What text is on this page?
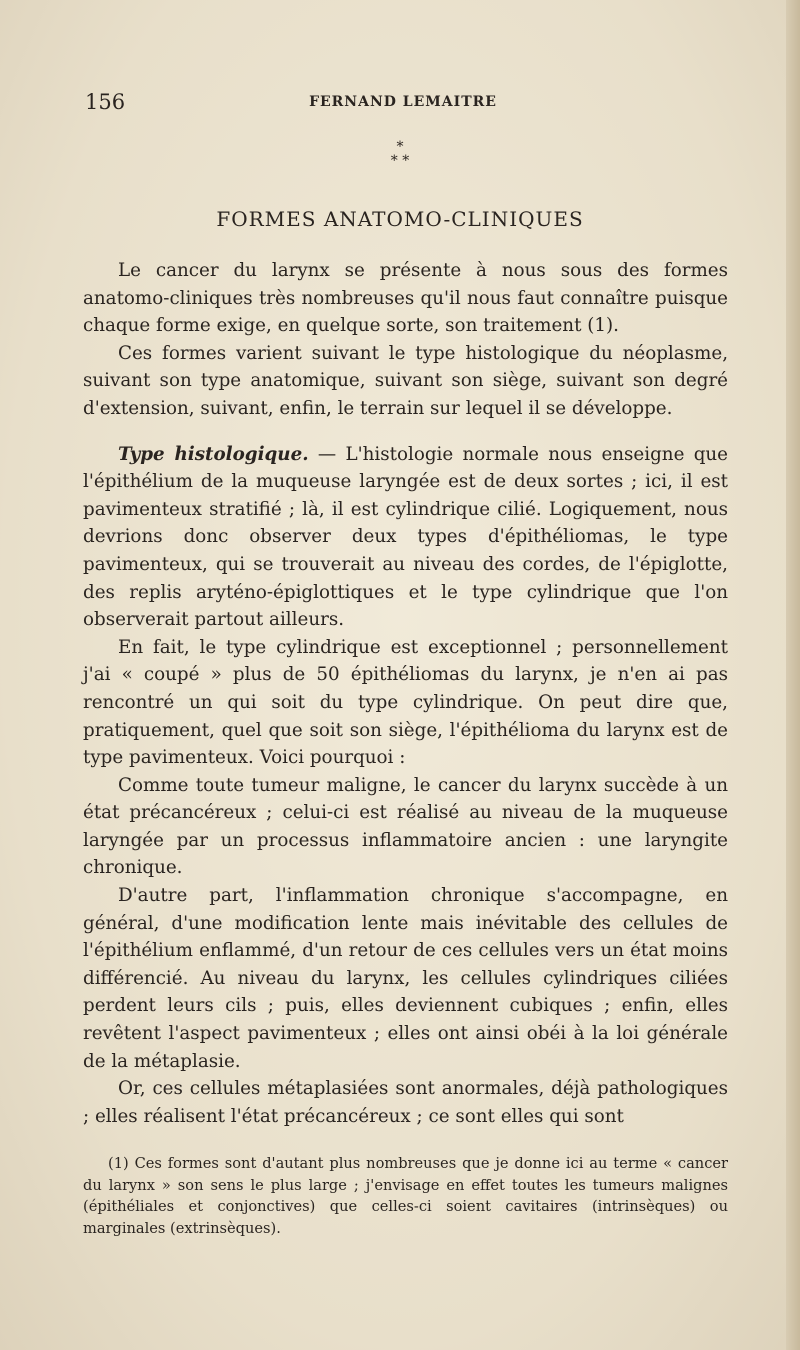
156	FERNAND LEMAITRE
*
* *
FORMES ANATOMO-CLINIQUES

Le cancer du larynx se présente à nous sous des formes anatomo-cliniques très nombreuses qu'il nous faut connaître puisque chaque forme exige, en quelque sorte, son traitement (1).

Ces formes varient suivant le type histologique du néoplasme, suivant son type anatomique, suivant son siège, suivant son degré d'extension, suivant, enfin, le terrain sur lequel il se développe.

Type histologique. — L'histologie normale nous enseigne que l'épithélium de la muqueuse laryngée est de deux sortes ; ici, il est pavimenteux stratifié ; là, il est cylindrique cilié. Logiquement, nous devrions donc observer deux types d'épithéliomas, le type pavimenteux, qui se trouverait au niveau des cordes, de l'épiglotte, des replis aryténo-épiglottiques et le type cylindrique que l'on observerait partout ailleurs.

En fait, le type cylindrique est exceptionnel ; personnellement j'ai « coupé » plus de 50 épithéliomas du larynx, je n'en ai pas rencontré un qui soit du type cylindrique. On peut dire que, pratiquement, quel que soit son siège, l'épithélioma du larynx est de type pavimenteux. Voici pourquoi :

Comme toute tumeur maligne, le cancer du larynx succède à un état précancéreux ; celui-ci est réalisé au niveau de la muqueuse laryngée par un processus inflammatoire ancien : une laryngite chronique.

D'autre part, l'inflammation chronique s'accompagne, en général, d'une modification lente mais inévitable des cellules de l'épithélium enflammé, d'un retour de ces cellules vers un état moins différencié. Au niveau du larynx, les cellules cylindriques ciliées perdent leurs cils ; puis, elles deviennent cubiques ; enfin, elles revêtent l'aspect pavimenteux ; elles ont ainsi obéi à la loi générale de la métaplasie.

Or, ces cellules métaplasiées sont anormales, déjà pathologiques ; elles réalisent l'état précancéreux ; ce sont elles qui sont

(1) Ces formes sont d'autant plus nombreuses que je donne ici au terme « cancer du larynx » son sens le plus large ; j'envisage en effet toutes les tumeurs malignes (épithéliales et conjonctives) que celles-ci soient cavitaires (intrinsèques) ou marginales (extrinsèques).
